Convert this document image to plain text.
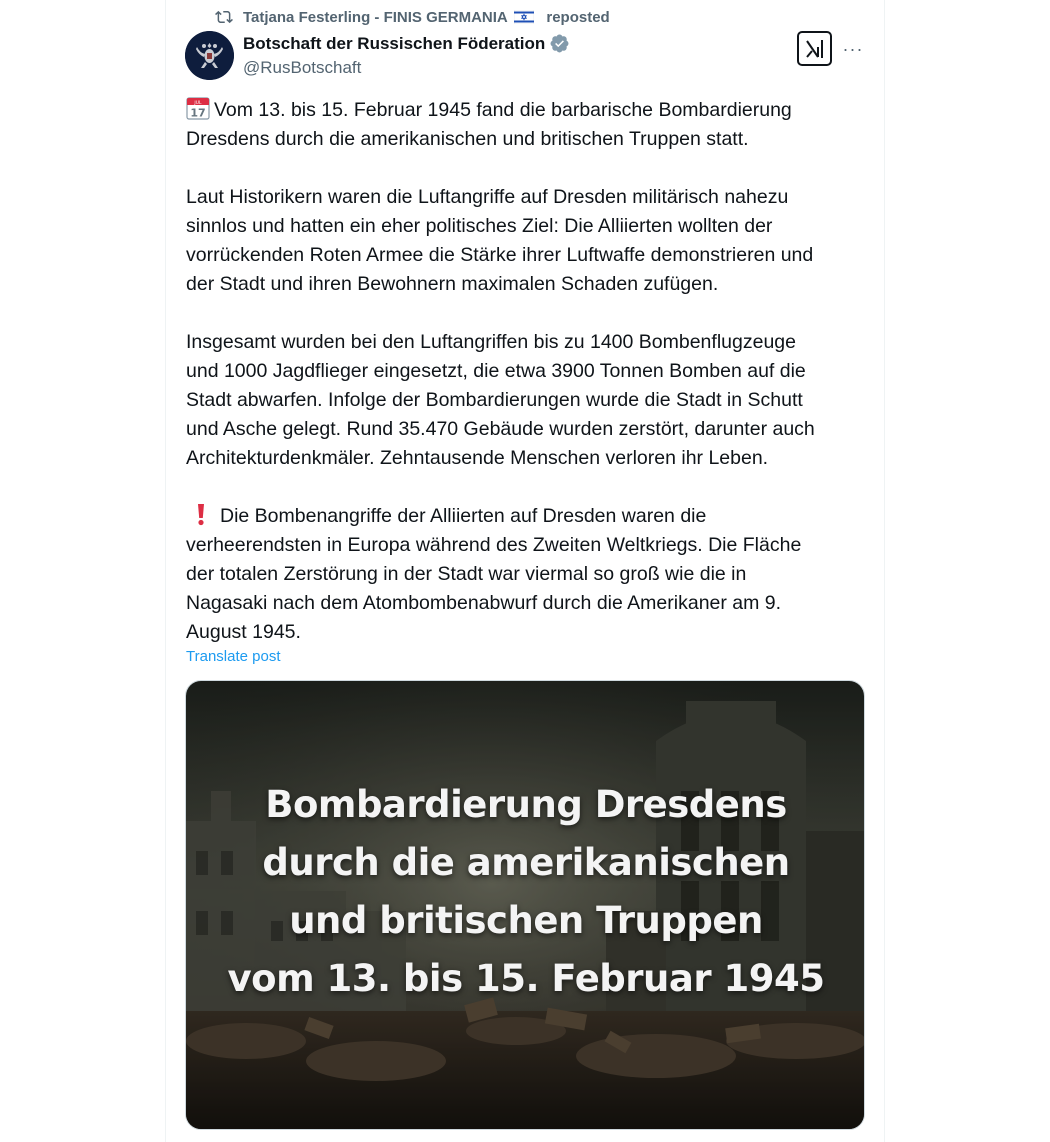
Tatjana Festerling - FINIS GERMANIA	reposted
Botschaft der Russischen Föderation
@RusBotschaft
···

17
JUL Vom 13. bis 15. Februar 1945 fand die barbarische Bombardierung
Dresdens durch die amerikanischen und britischen Truppen statt.

Laut Historikern waren die Luftangriffe auf Dresden militärisch nahezu
sinnlos und hatten ein eher politisches Ziel: Die Alliierten wollten der
vorrückenden Roten Armee die Stärke ihrer Luftwaffe demonstrieren und
der Stadt und ihren Bewohnern maximalen Schaden zufügen.

Insgesamt wurden bei den Luftangriffen bis zu 1400 Bombenflugzeuge
und 1000 Jagdflieger eingesetzt, die etwa 3900 Tonnen Bomben auf die
Stadt abwarfen. Infolge der Bombardierungen wurde die Stadt in Schutt
und Asche gelegt. Rund 35.470 Gebäude wurden zerstört, darunter auch
Architekturdenkmäler. Zehntausende Menschen verloren ihr Leben.

Die Bombenangriffe der Alliierten auf Dresden waren die
verheerendsten in Europa während des Zweiten Weltkriegs. Die Fläche
der totalen Zerstörung in der Stadt war viermal so groß wie die in
Nagasaki nach dem Atombombenabwurf durch die Amerikaner am 9.
August 1945.

Translate post
Bombardierung Dresdens
durch die amerikanischen
und britischen Truppen
vom 13. bis 15. Februar 1945
